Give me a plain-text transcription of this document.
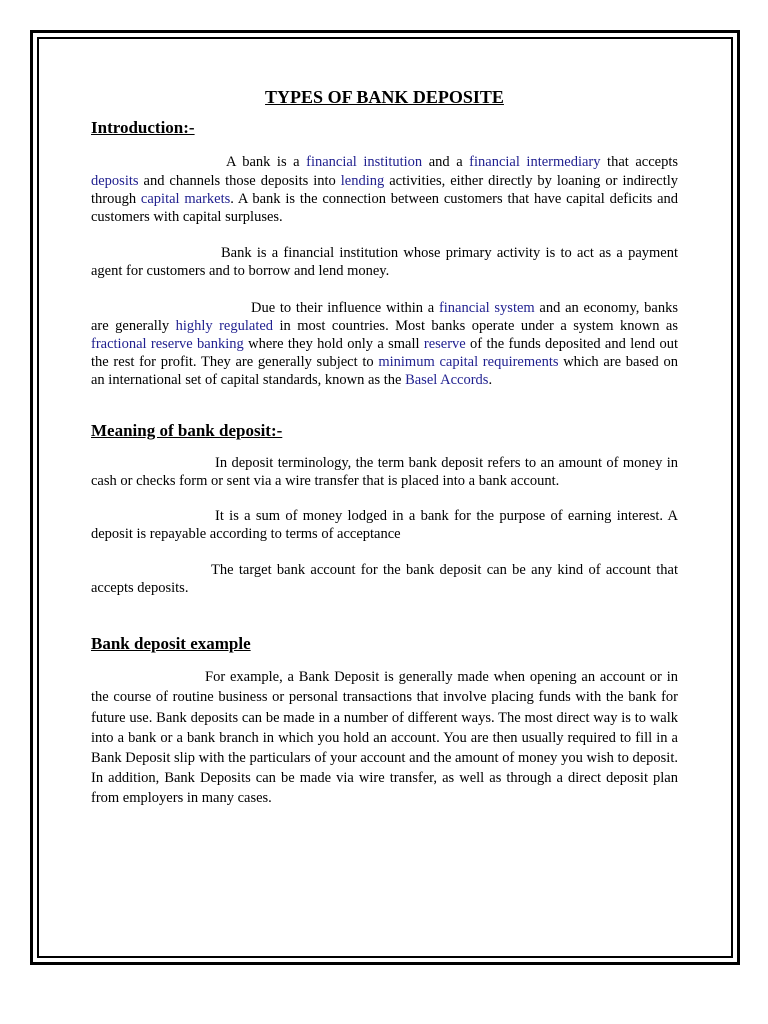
TYPES OF BANK DEPOSITE
Introduction:-

A bank is a financial institution and a financial intermediary that accepts deposits and channels those deposits into lending activities, either directly by loaning or indirectly through capital markets. A bank is the connection between customers that have capital deficits and customers with capital surpluses.

Bank is a financial institution whose primary activity is to act as a payment agent for customers and to borrow and lend money.

Due to their influence within a financial system and an economy, banks are generally highly regulated in most countries. Most banks operate under a system known as fractional reserve banking where they hold only a small reserve of the funds deposited and lend out the rest for profit. They are generally subject to minimum capital requirements which are based on an international set of capital standards, known as the Basel Accords.

Meaning of bank deposit:-

In deposit terminology, the term bank deposit refers to an amount of money in cash or checks form or sent via a wire transfer that is placed into a bank account.

It is a sum of money lodged in a bank for the purpose of earning interest. A deposit is repayable according to terms of acceptance

The target bank account for the bank deposit can be any kind of account that accepts deposits.

Bank deposit example

For example, a Bank Deposit is generally made when opening an account or in the course of routine business or personal transactions that involve placing funds with the bank for future use. Bank deposits can be made in a number of different ways. The most direct way is to walk into a bank or a bank branch in which you hold an account. You are then usually required to fill in a Bank Deposit slip with the particulars of your account and the amount of money you wish to deposit. In addition, Bank Deposits can be made via wire transfer, as well as through a direct deposit plan from employers in many cases.
